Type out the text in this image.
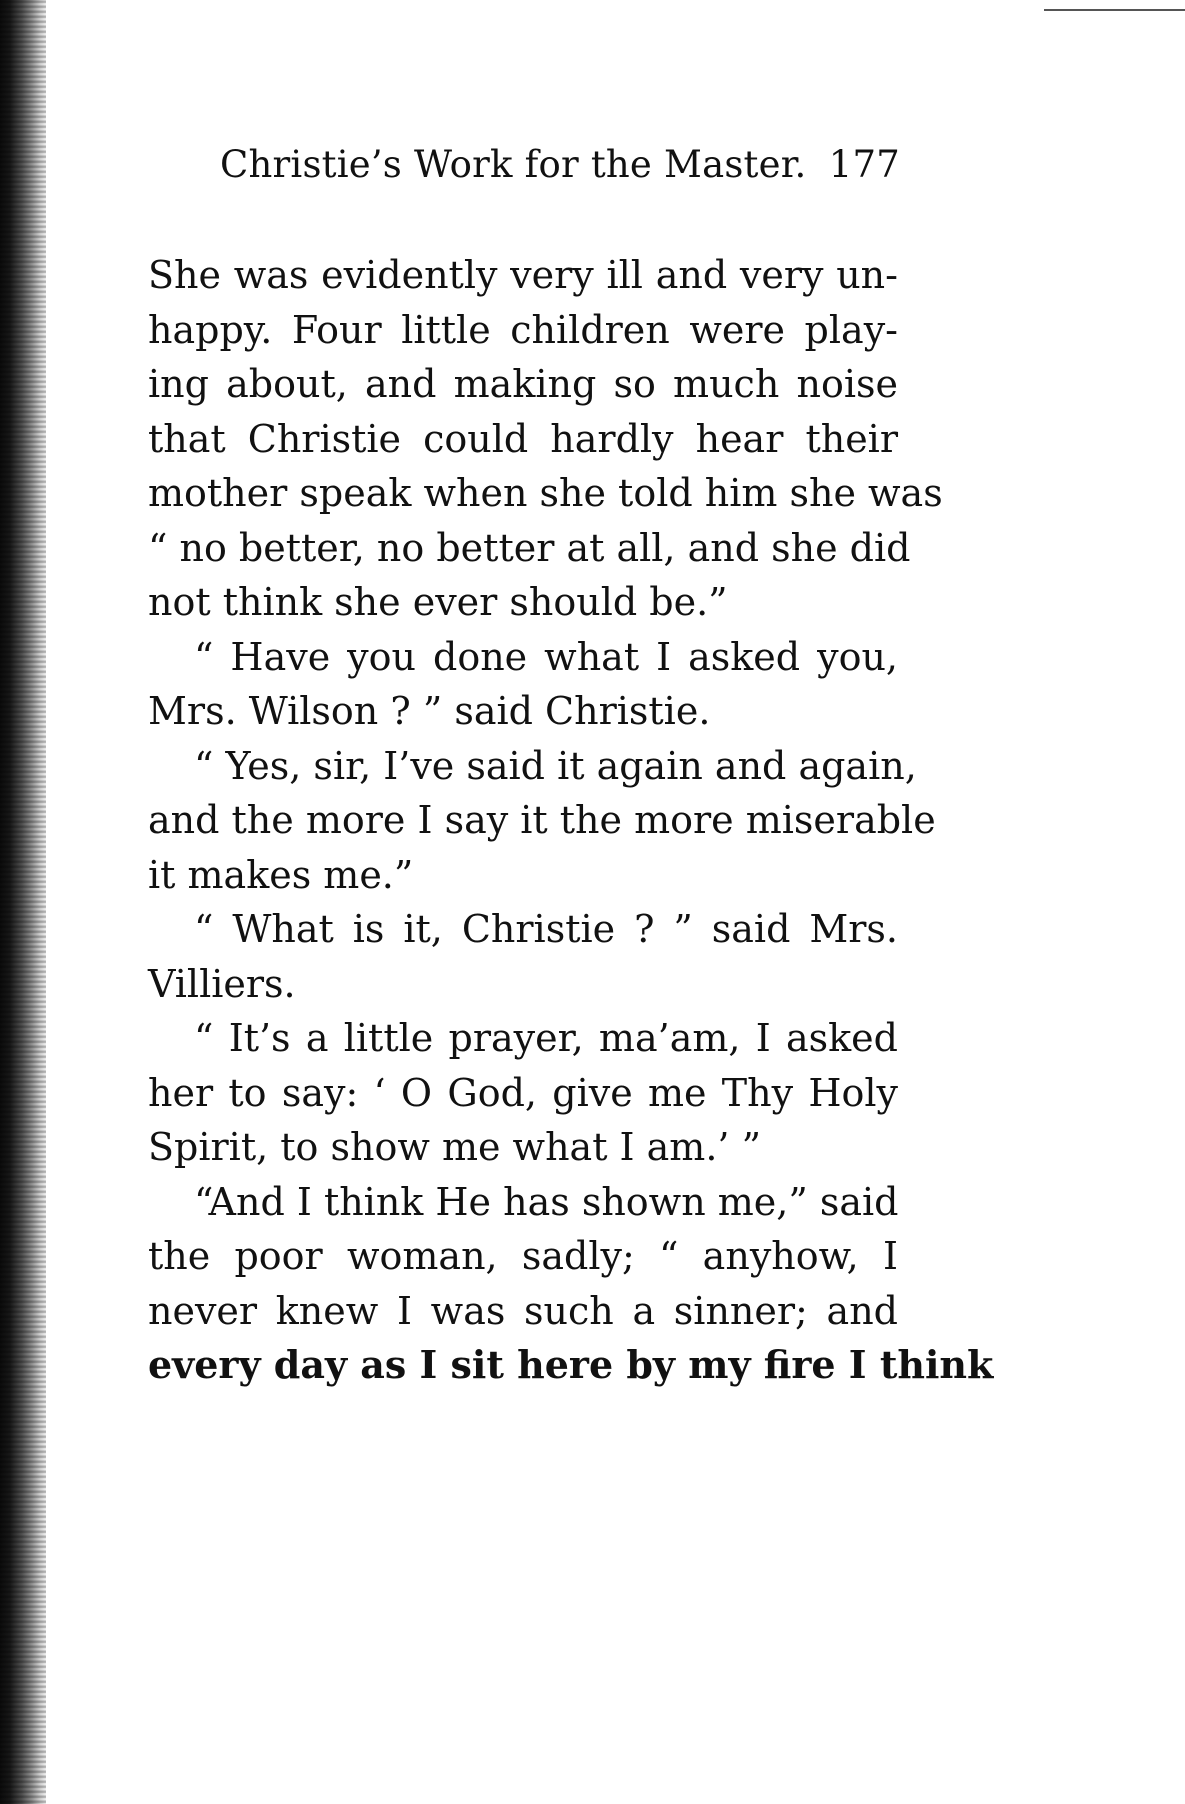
Christie’s Work for the Master. 177
She was evidently very ill and very un-
happy. Four little children were play-
ing about, and making so much noise
that Christie could hardly hear their
mother speak when she told him she was
“ no better, no better at all, and she did
not think she ever should be.”
“ Have you done what I asked you,
Mrs. Wilson ? ” said Christie.
“ Yes, sir, I’ve said it again and again,
and the more I say it the more miserable
it makes me.”
“ What is it, Christie ? ” said Mrs.
Villiers.
“ It’s a little prayer, ma’am, I asked
her to say: ‘ O God, give me Thy Holy
Spirit, to show me what I am.’ ”
“And I think He has shown me,” said
the poor woman, sadly; “ anyhow, I
never knew I was such a sinner; and
every day as I sit here by my fire I think
